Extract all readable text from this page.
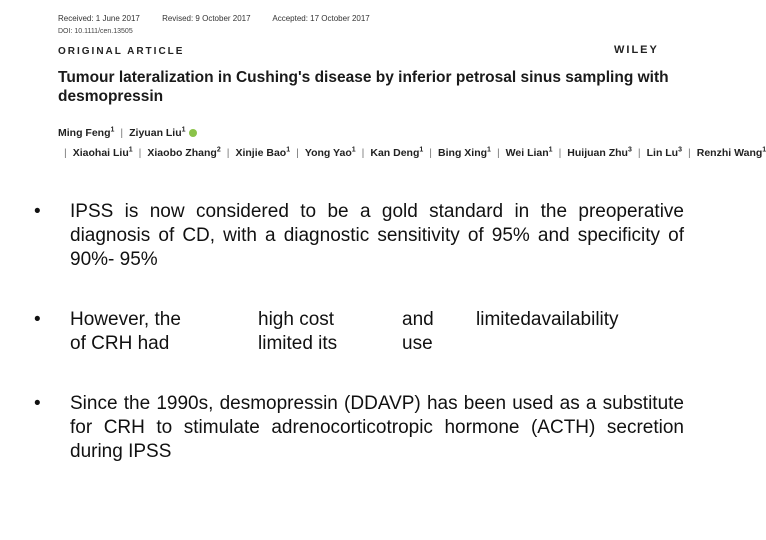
Received: 1 June 2017	Revised: 9 October 2017	Accepted: 17 October 2017
DOI: 10.1111/cen.13505
ORIGINAL ARTICLE	WILEY
Tumour lateralization in Cushing's disease by inferior petrosal sinus sampling with desmopressin
Ming Feng$^1$ | Ziyuan Liu$^1$| Xiaohai Liu$^1$ | Xiaobo Zhang$^2$ | Xinjie Bao$^1$ | Yong Yao$^1$ | Kan Deng$^1$ | Bing Xing$^1$ | Wei Lian$^1$ | Huijuan Zhu$^3$ | Lin Lu$^3$ | Renzhi Wang$^1$
•	IPSS is now considered to be a gold standard in the preoperative diagnosis of CD, with a diagnostic sensitivity of 95% and specificity of 90%- 95%
•	However, the
of CRH had
high cost
limited its
and
use
limitedavailability
•	Since the 1990s, desmopressin (DDAVP) has been used as a substitute for CRH to stimulate adrenocorticotropic hormone (ACTH) secretion during IPSS
